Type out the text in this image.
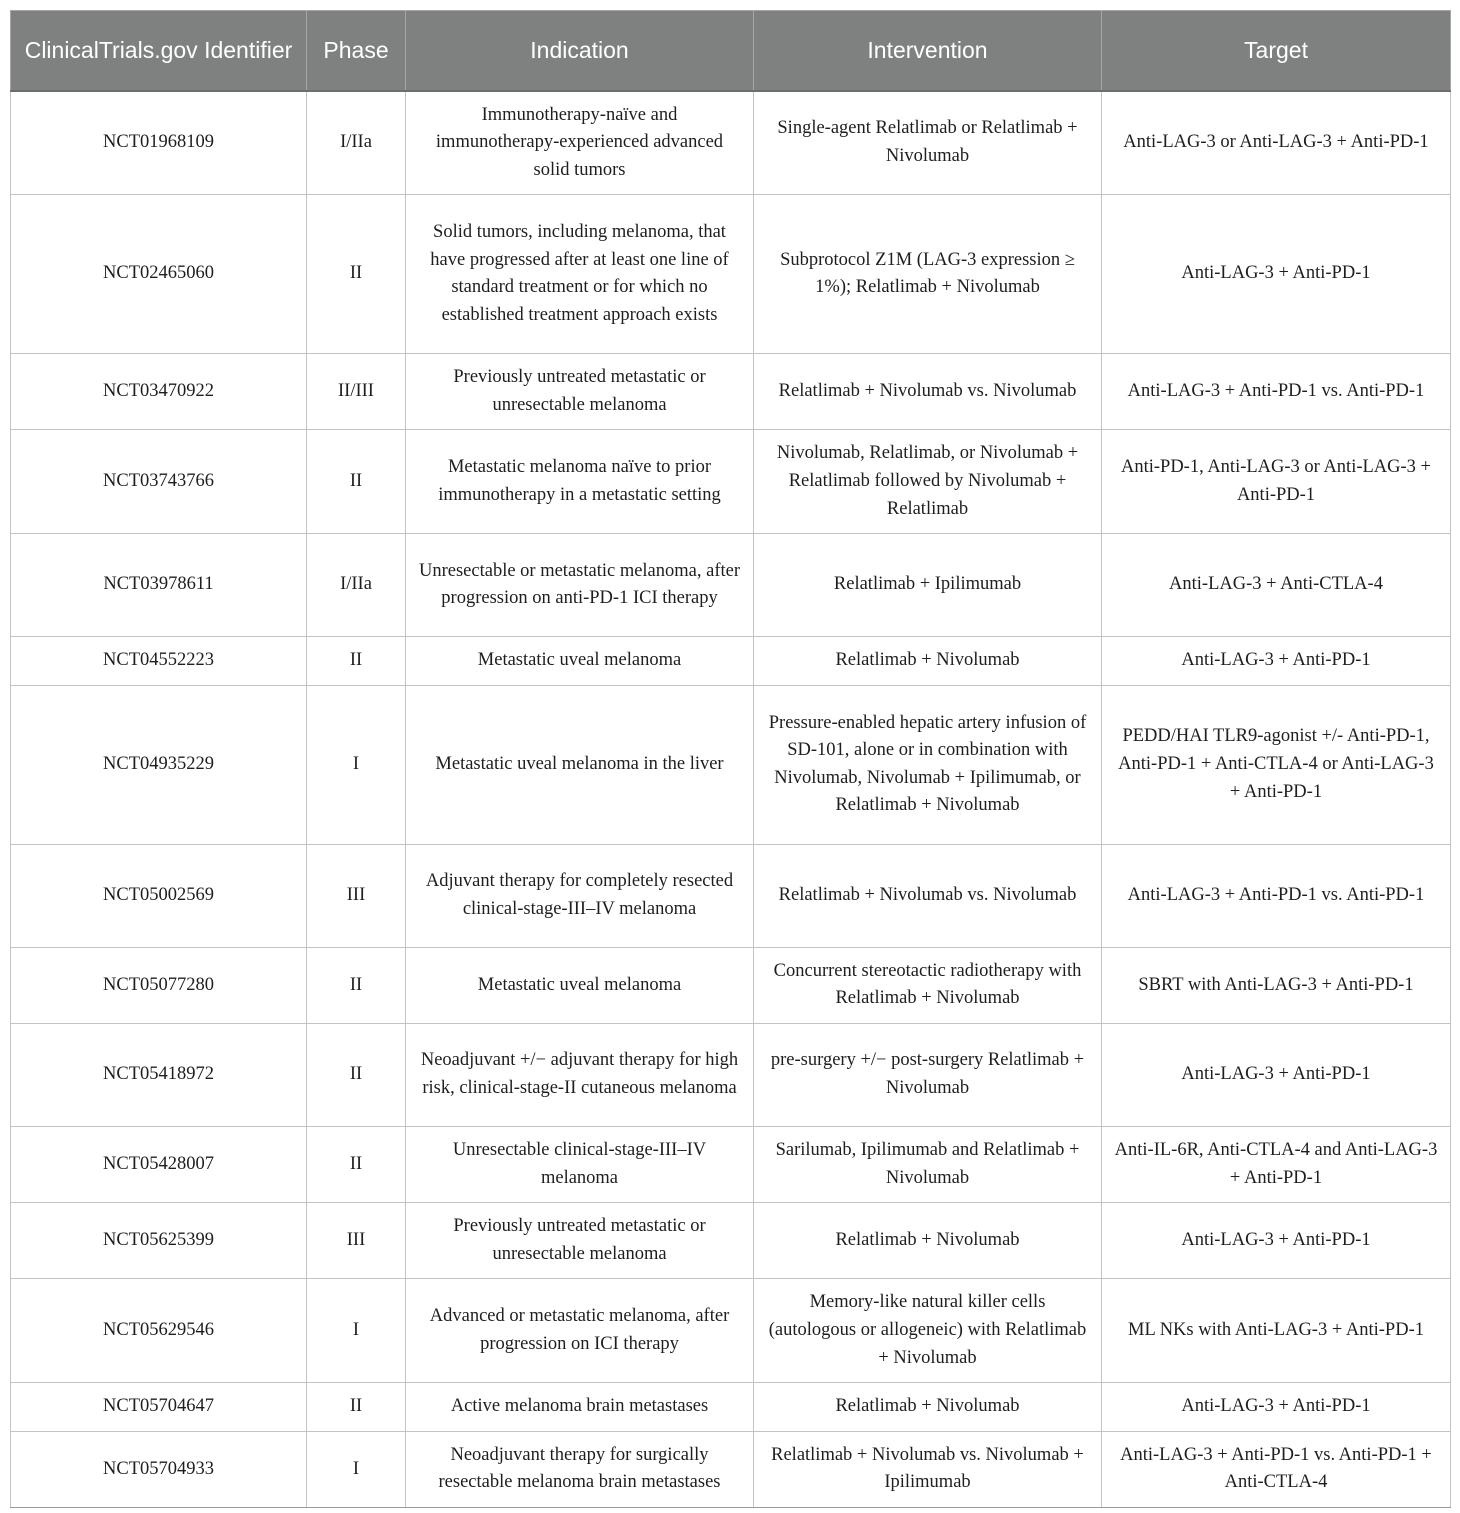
ClinicalTrials.gov Identifier	Phase	Indication	Intervention	Target
NCT01968109	I/IIa	Immunotherapy-naïve and immunotherapy-experienced advanced solid tumors	Single-agent Relatlimab or Relatlimab + Nivolumab	Anti-LAG-3 or Anti-LAG-3 + Anti-PD-1
NCT02465060	II	Solid tumors, including melanoma, that have progressed after at least one line of standard treatment or for which no established treatment approach exists	Subprotocol Z1M (LAG-3 expression ≥ 1%); Relatlimab + Nivolumab	Anti-LAG-3 + Anti-PD-1
NCT03470922	II/III	Previously untreated metastatic or unresectable melanoma	Relatlimab + Nivolumab vs. Nivolumab	Anti-LAG-3 + Anti-PD-1 vs. Anti-PD-1
NCT03743766	II	Metastatic melanoma naïve to prior immunotherapy in a metastatic setting	Nivolumab, Relatlimab, or Nivolumab + Relatlimab followed by Nivolumab + Relatlimab	Anti-PD-1, Anti-LAG-3 or Anti-LAG-3 + Anti-PD-1
NCT03978611	I/IIa	Unresectable or metastatic melanoma, after progression on anti-PD-1 ICI therapy	Relatlimab + Ipilimumab	Anti-LAG-3 + Anti-CTLA-4
NCT04552223	II	Metastatic uveal melanoma	Relatlimab + Nivolumab	Anti-LAG-3 + Anti-PD-1
NCT04935229	I	Metastatic uveal melanoma in the liver	Pressure-enabled hepatic artery infusion of SD-101, alone or in combination with Nivolumab, Nivolumab + Ipilimumab, or Relatlimab + Nivolumab	PEDD/HAI TLR9-agonist +/- Anti-PD-1, Anti-PD-1 + Anti-CTLA-4 or Anti-LAG-3 + Anti-PD-1
NCT05002569	III	Adjuvant therapy for completely resected clinical-stage-III–IV melanoma	Relatlimab + Nivolumab vs. Nivolumab	Anti-LAG-3 + Anti-PD-1 vs. Anti-PD-1
NCT05077280	II	Metastatic uveal melanoma	Concurrent stereotactic radiotherapy with Relatlimab + Nivolumab	SBRT with Anti-LAG-3 + Anti-PD-1
NCT05418972	II	Neoadjuvant +/− adjuvant therapy for high risk, clinical-stage-II cutaneous melanoma	pre-surgery +/− post-surgery Relatlimab + Nivolumab	Anti-LAG-3 + Anti-PD-1
NCT05428007	II	Unresectable clinical-stage-III–IV melanoma	Sarilumab, Ipilimumab and Relatlimab + Nivolumab	Anti-IL-6R, Anti-CTLA-4 and Anti-LAG-3 + Anti-PD-1
NCT05625399	III	Previously untreated metastatic or unresectable melanoma	Relatlimab + Nivolumab	Anti-LAG-3 + Anti-PD-1
NCT05629546	I	Advanced or metastatic melanoma, after progression on ICI therapy	Memory-like natural killer cells (autologous or allogeneic) with Relatlimab + Nivolumab	ML NKs with Anti-LAG-3 + Anti-PD-1
NCT05704647	II	Active melanoma brain metastases	Relatlimab + Nivolumab	Anti-LAG-3 + Anti-PD-1
NCT05704933	I	Neoadjuvant therapy for surgically resectable melanoma brain metastases	Relatlimab + Nivolumab vs. Nivolumab + Ipilimumab	Anti-LAG-3 + Anti-PD-1 vs. Anti-PD-1 + Anti-CTLA-4
